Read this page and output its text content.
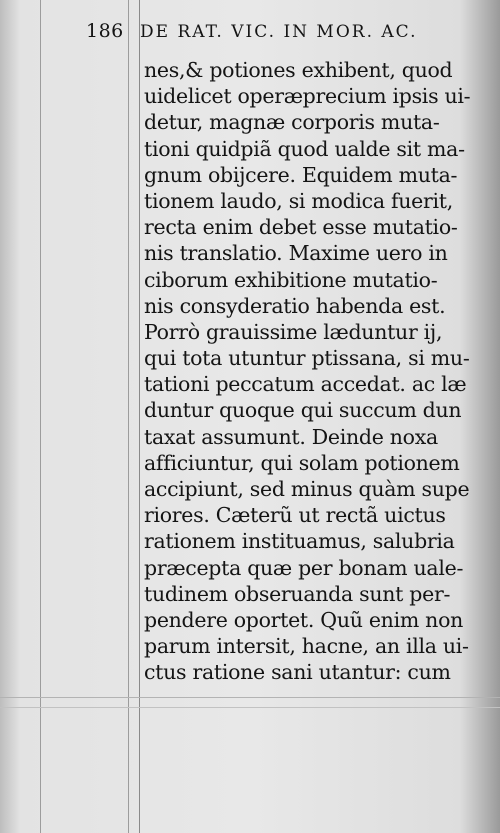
186 DE RAT. VIC. IN MOR. AC.
nes,& potiones exhibent, quod
uidelicet operæprecium ipsis ui-
detur, magnæ corporis muta-
tioni quidpiã quod ualde sit ma-
gnum obijcere. Equidem muta-
tionem laudo, si modica fuerit,
recta enim debet esse mutatio-
nis translatio. Maxime uero in
ciborum exhibitione mutatio-
nis consyderatio habenda est.
Porrò grauissime læduntur ij,
qui tota utuntur ptissana, si mu-
tationi peccatum accedat. ac læ
duntur quoque qui succum dun
taxat assumunt. Deinde noxa
afficiuntur, qui solam potionem
accipiunt, sed minus quàm supe
riores. Cæterũ ut rectã uictus
rationem instituamus, salubria
præcepta quæ per bonam uale-
tudinem obseruanda sunt per-
pendere oportet. Quũ enim non
parum intersit, hacne, an illa ui-
ctus ratione sani utantur: cum
